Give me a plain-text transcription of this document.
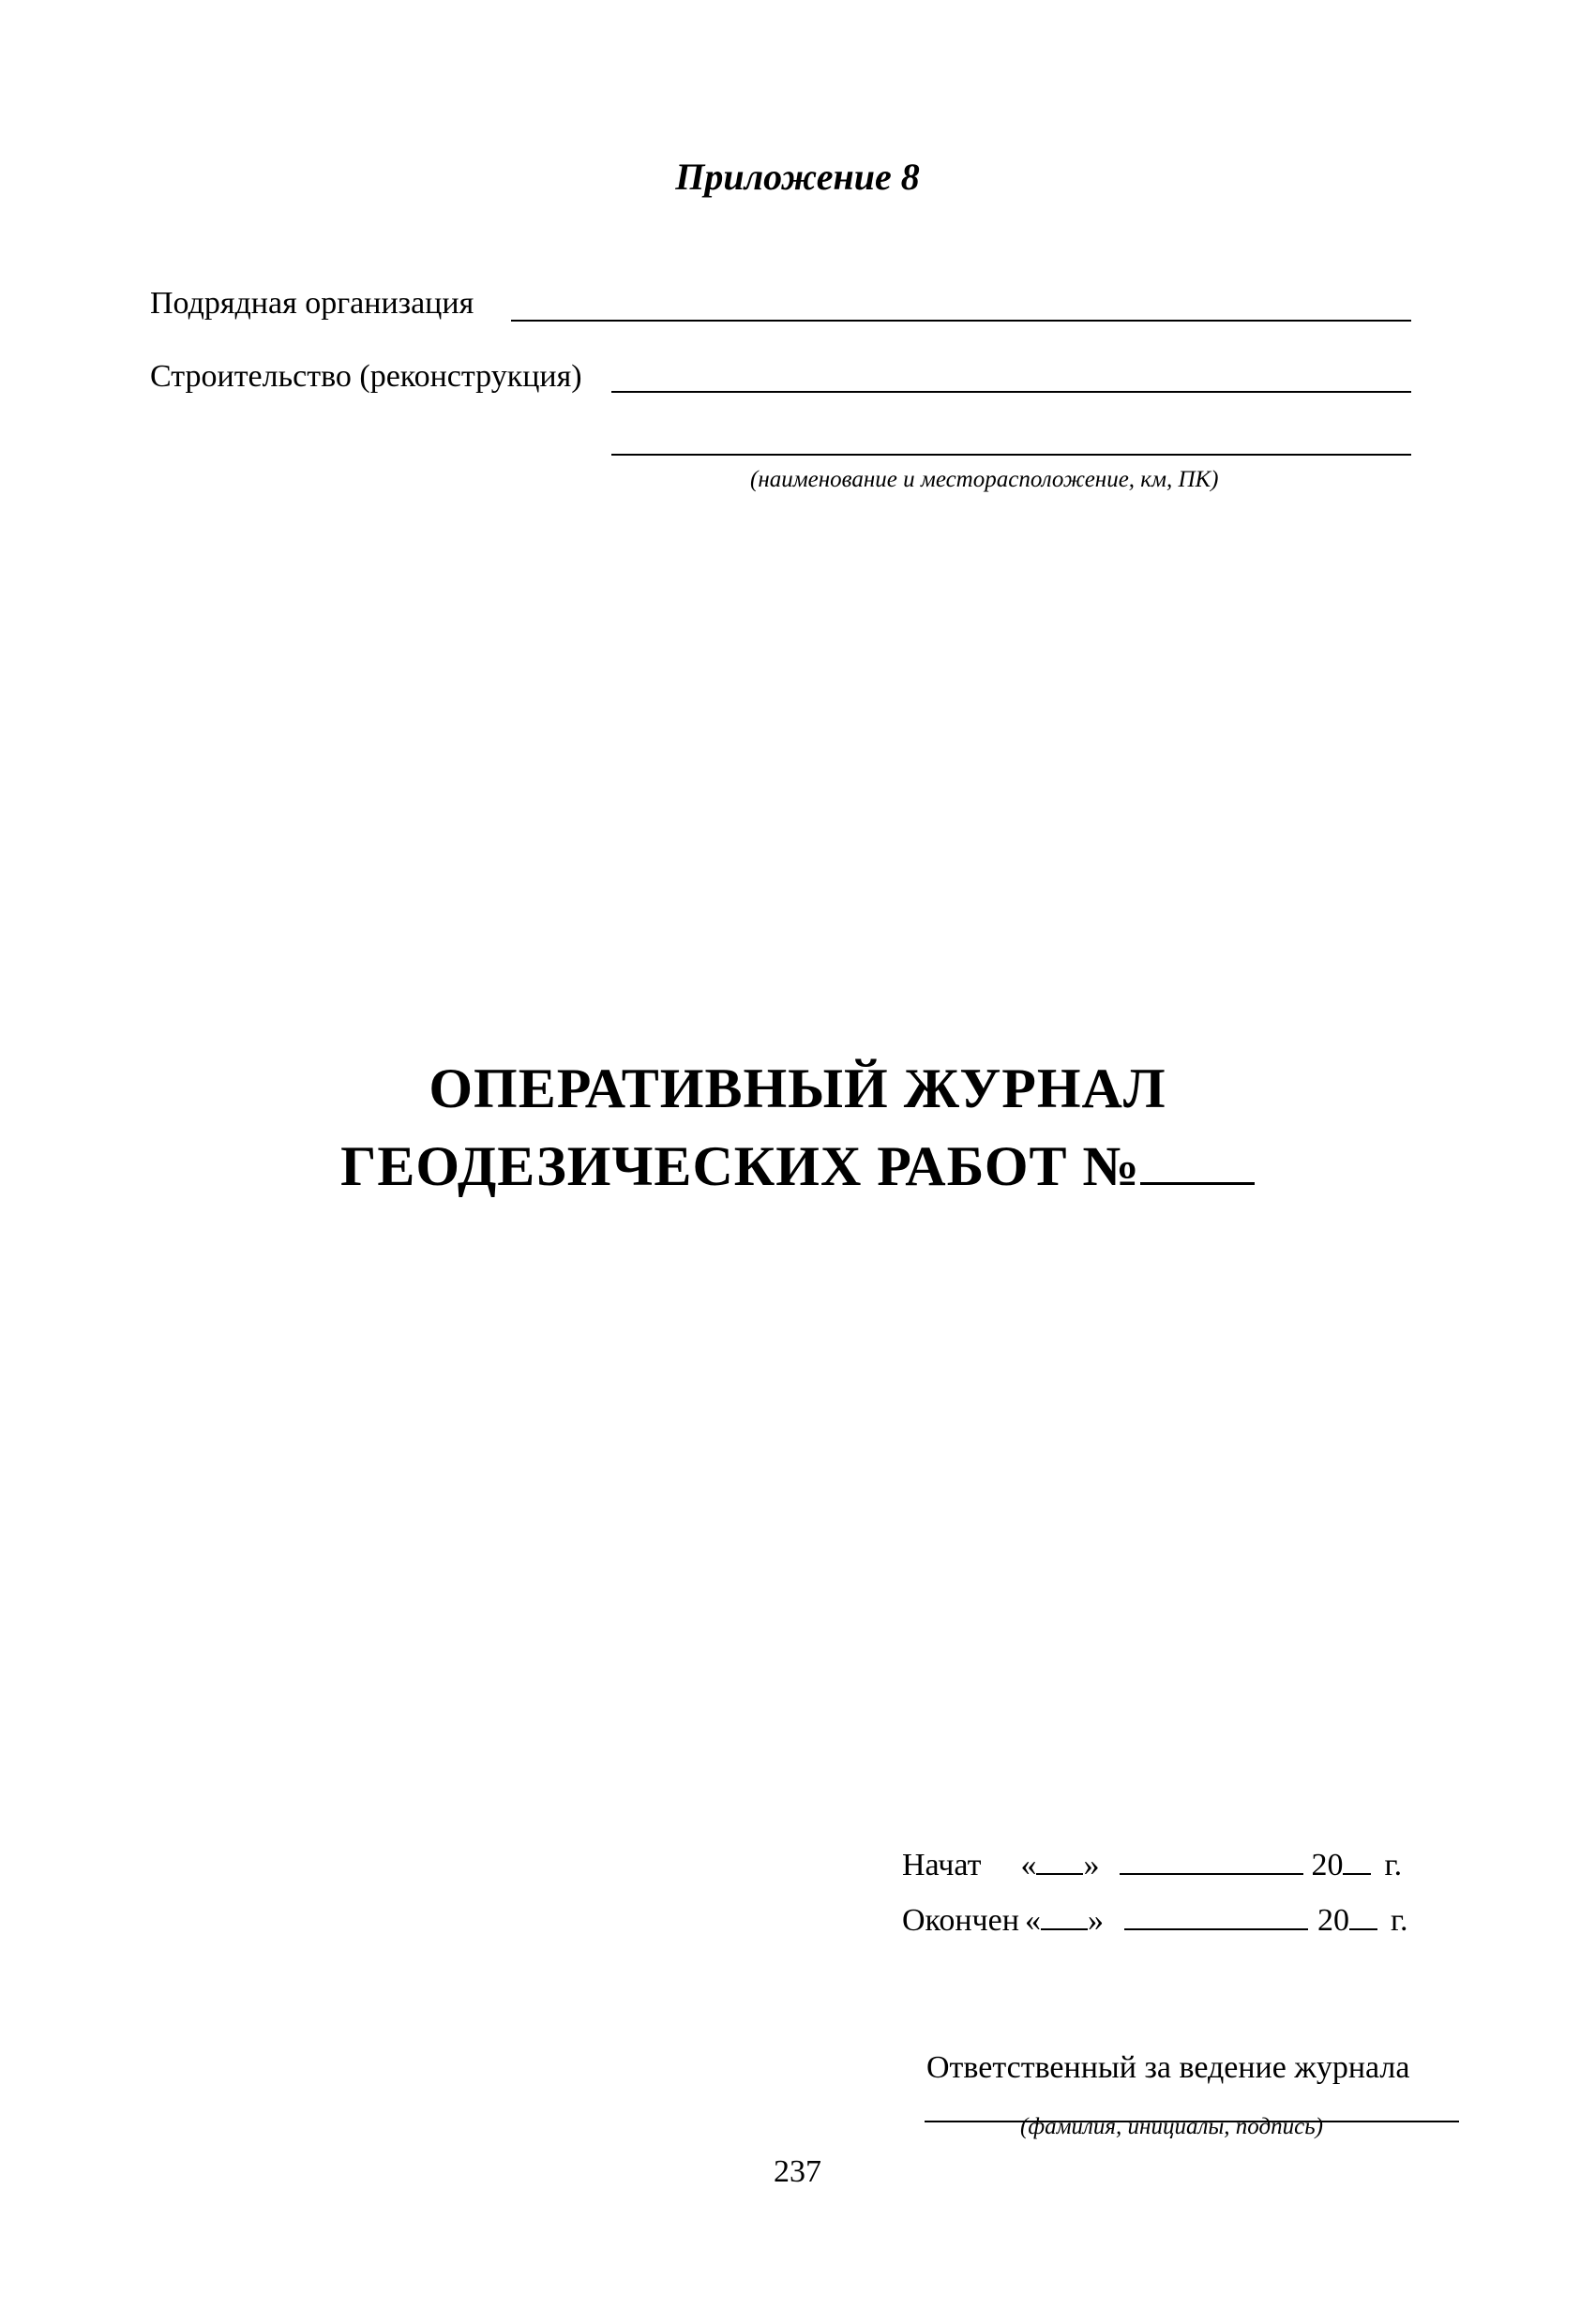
Приложение 8
Подрядная организация
Строительство (реконструкция)
(наименование и месторасположение, км, ПК)
ОПЕРАТИВНЫЙ ЖУРНАЛ
ГЕОДЕЗИЧЕСКИХ РАБОТ №
Начат « »	20 г.
Окончен « »	20 г.
Ответственный за ведение журнала
(фамилия, инициалы, подпись)
237
